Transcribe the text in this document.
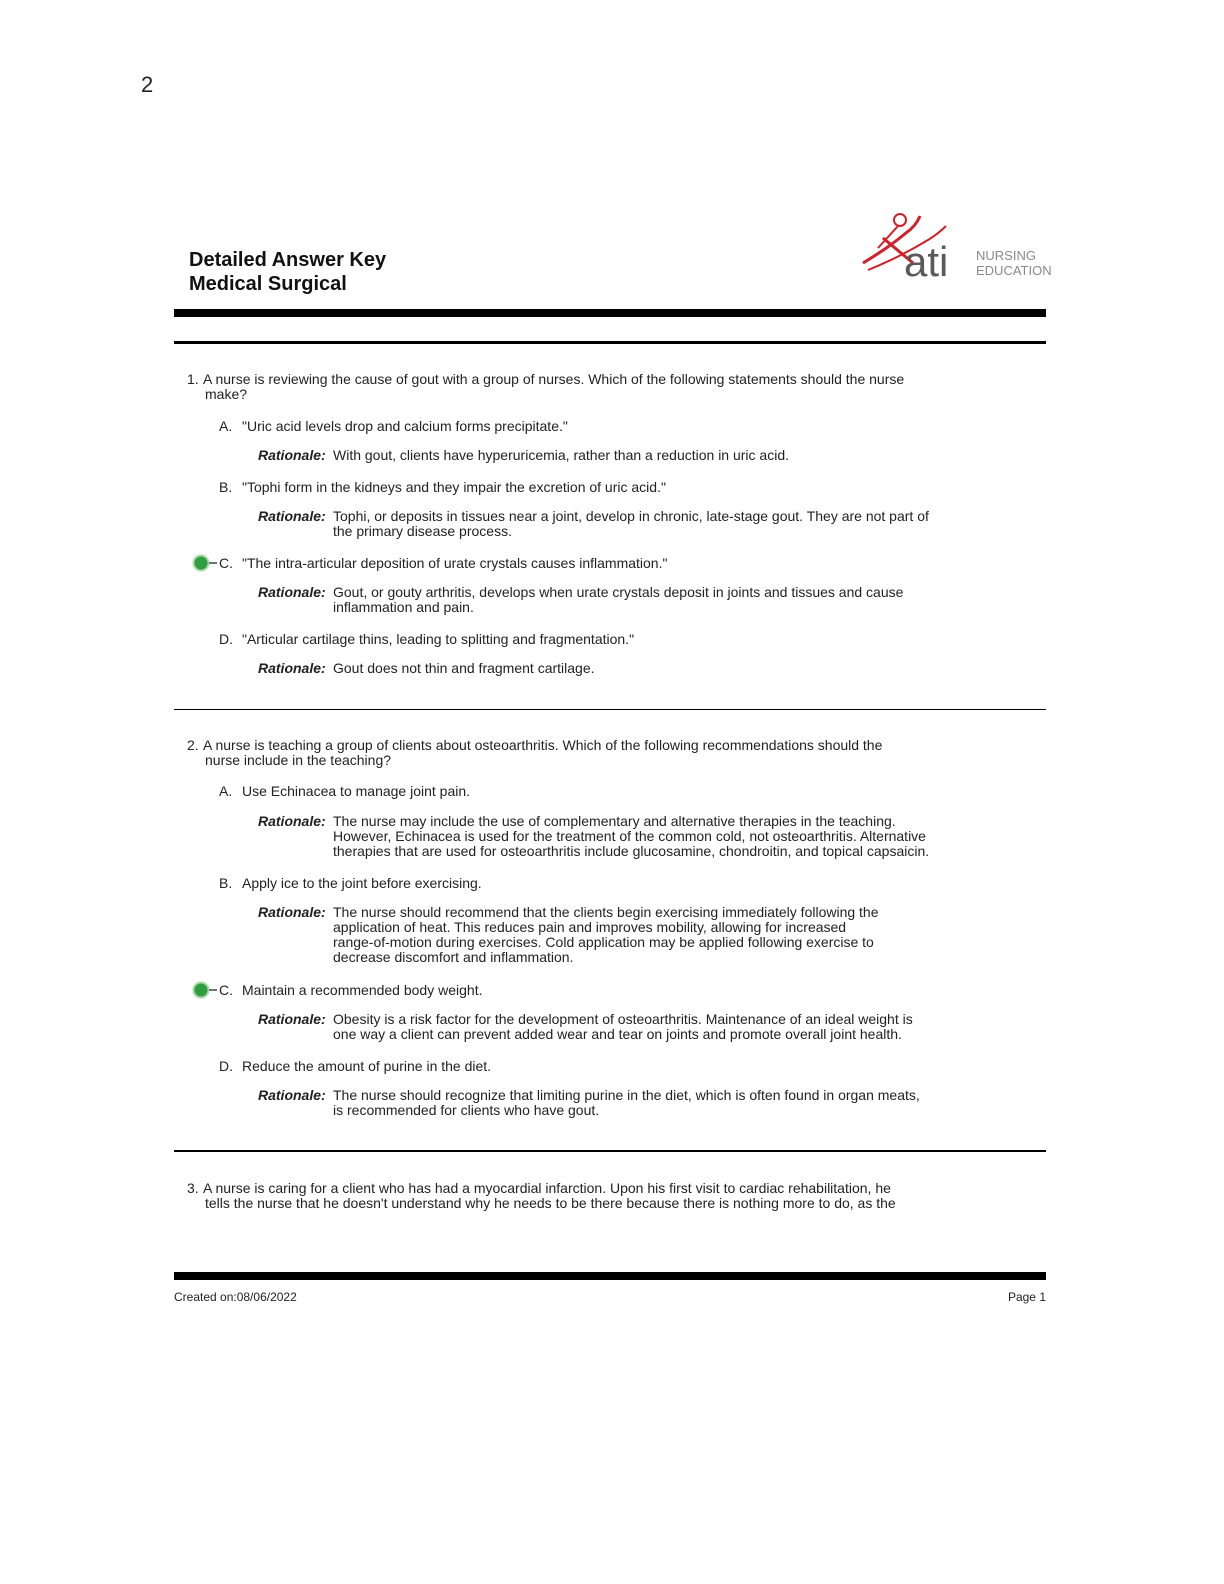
2
Detailed Answer Key
Medical Surgical	ati NURSING
EDUCATION
1. A nurse is reviewing the cause of gout with a group of nurses. Which of the following statements should the nurse
make?
A. "Uric acid levels drop and calcium forms precipitate."
Rationale: With gout, clients have hyperuricemia, rather than a reduction in uric acid.
B. "Tophi form in the kidneys and they impair the excretion of uric acid."
Rationale: Tophi, or deposits in tissues near a joint, develop in chronic, late-stage gout. They are not part of
the primary disease process.
C. "The intra-articular deposition of urate crystals causes inflammation."
Rationale: Gout, or gouty arthritis, develops when urate crystals deposit in joints and tissues and cause
inflammation and pain.
D. "Articular cartilage thins, leading to splitting and fragmentation."
Rationale: Gout does not thin and fragment cartilage.
2. A nurse is teaching a group of clients about osteoarthritis. Which of the following recommendations should the
nurse include in the teaching?
A. Use Echinacea to manage joint pain.
Rationale: The nurse may include the use of complementary and alternative therapies in the teaching.
However, Echinacea is used for the treatment of the common cold, not osteoarthritis. Alternative
therapies that are used for osteoarthritis include glucosamine, chondroitin, and topical capsaicin.
B. Apply ice to the joint before exercising.
Rationale: The nurse should recommend that the clients begin exercising immediately following the
application of heat. This reduces pain and improves mobility, allowing for increased
range-of-motion during exercises. Cold application may be applied following exercise to
decrease discomfort and inflammation.
C. Maintain a recommended body weight.
Rationale: Obesity is a risk factor for the development of osteoarthritis. Maintenance of an ideal weight is
one way a client can prevent added wear and tear on joints and promote overall joint health.
D. Reduce the amount of purine in the diet.
Rationale: The nurse should recognize that limiting purine in the diet, which is often found in organ meats,
is recommended for clients who have gout.
3. A nurse is caring for a client who has had a myocardial infarction. Upon his first visit to cardiac rehabilitation, he
tells the nurse that he doesn't understand why he needs to be there because there is nothing more to do, as the
Created on:08/06/2022	Page 1
